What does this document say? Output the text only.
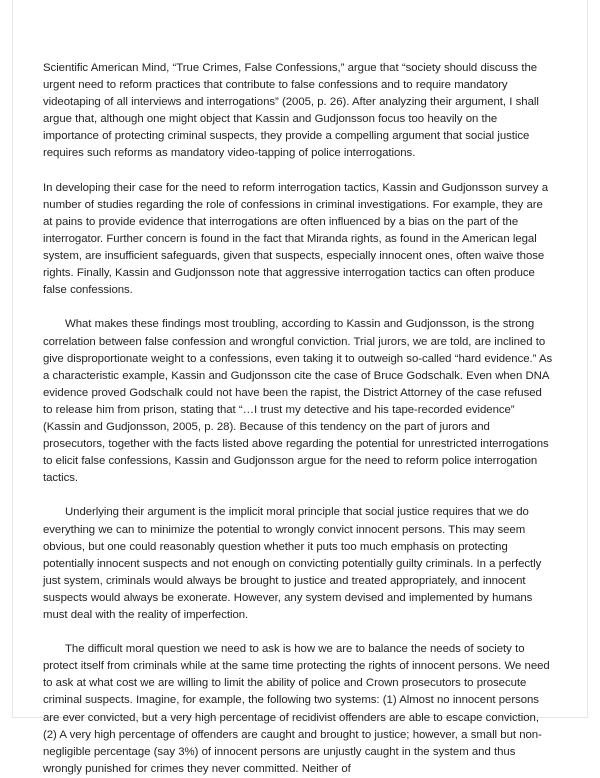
Scientific American Mind, “True Crimes, False Confessions,” argue that “society should discuss the urgent need to reform practices that contribute to false confessions and to require mandatory videotaping of all interviews and interrogations” (2005, p. 26). After analyzing their argument, I shall argue that, although one might object that Kassin and Gudjonsson focus too heavily on the importance of protecting criminal suspects, they provide a compelling argument that social justice requires such reforms as mandatory video-tapping of police interrogations.

In developing their case for the need to reform interrogation tactics, Kassin and Gudjonsson survey a number of studies regarding the role of confessions in criminal investigations. For example, they are at pains to provide evidence that interrogations are often influenced by a bias on the part of the interrogator. Further concern is found in the fact that Miranda rights, as found in the American legal system, are insufficient safeguards, given that suspects, especially innocent ones, often waive those rights. Finally, Kassin and Gudjonsson note that aggressive interrogation tactics can often produce false confessions.

What makes these findings most troubling, according to Kassin and Gudjonsson, is the strong correlation between false confession and wrongful conviction. Trial jurors, we are told, are inclined to give disproportionate weight to a confessions, even taking it to outweigh so-called “hard evidence.” As a characteristic example, Kassin and Gudjonsson cite the case of Bruce Godschalk. Even when DNA evidence proved Godschalk could not have been the rapist, the District Attorney of the case refused to release him from prison, stating that “…I trust my detective and his tape-recorded evidence” (Kassin and Gudjonsson, 2005, p. 28). Because of this tendency on the part of jurors and prosecutors, together with the facts listed above regarding the potential for unrestricted interrogations to elicit false confessions, Kassin and Gudjonsson argue for the need to reform police interrogation tactics.

Underlying their argument is the implicit moral principle that social justice requires that we do everything we can to minimize the potential to wrongly convict innocent persons. This may seem obvious, but one could reasonably question whether it puts too much emphasis on protecting potentially innocent suspects and not enough on convicting potentially guilty criminals. In a perfectly just system, criminals would always be brought to justice and treated appropriately, and innocent suspects would always be exonerate. However, any system devised and implemented by humans must deal with the reality of imperfection.

The difficult moral question we need to ask is how we are to balance the needs of society to protect itself from criminals while at the same time protecting the rights of innocent persons. We need to ask at what cost we are willing to limit the ability of police and Crown prosecutors to prosecute criminal suspects. Imagine, for example, the following two systems: (1) Almost no innocent persons are ever convicted, but a very high percentage of recidivist offenders are able to escape conviction, (2) A very high percentage of offenders are caught and brought to justice; however, a small but non-negligible percentage (say 3%) of innocent persons are unjustly caught in the system and thus wrongly punished for crimes they never committed. Neither of
